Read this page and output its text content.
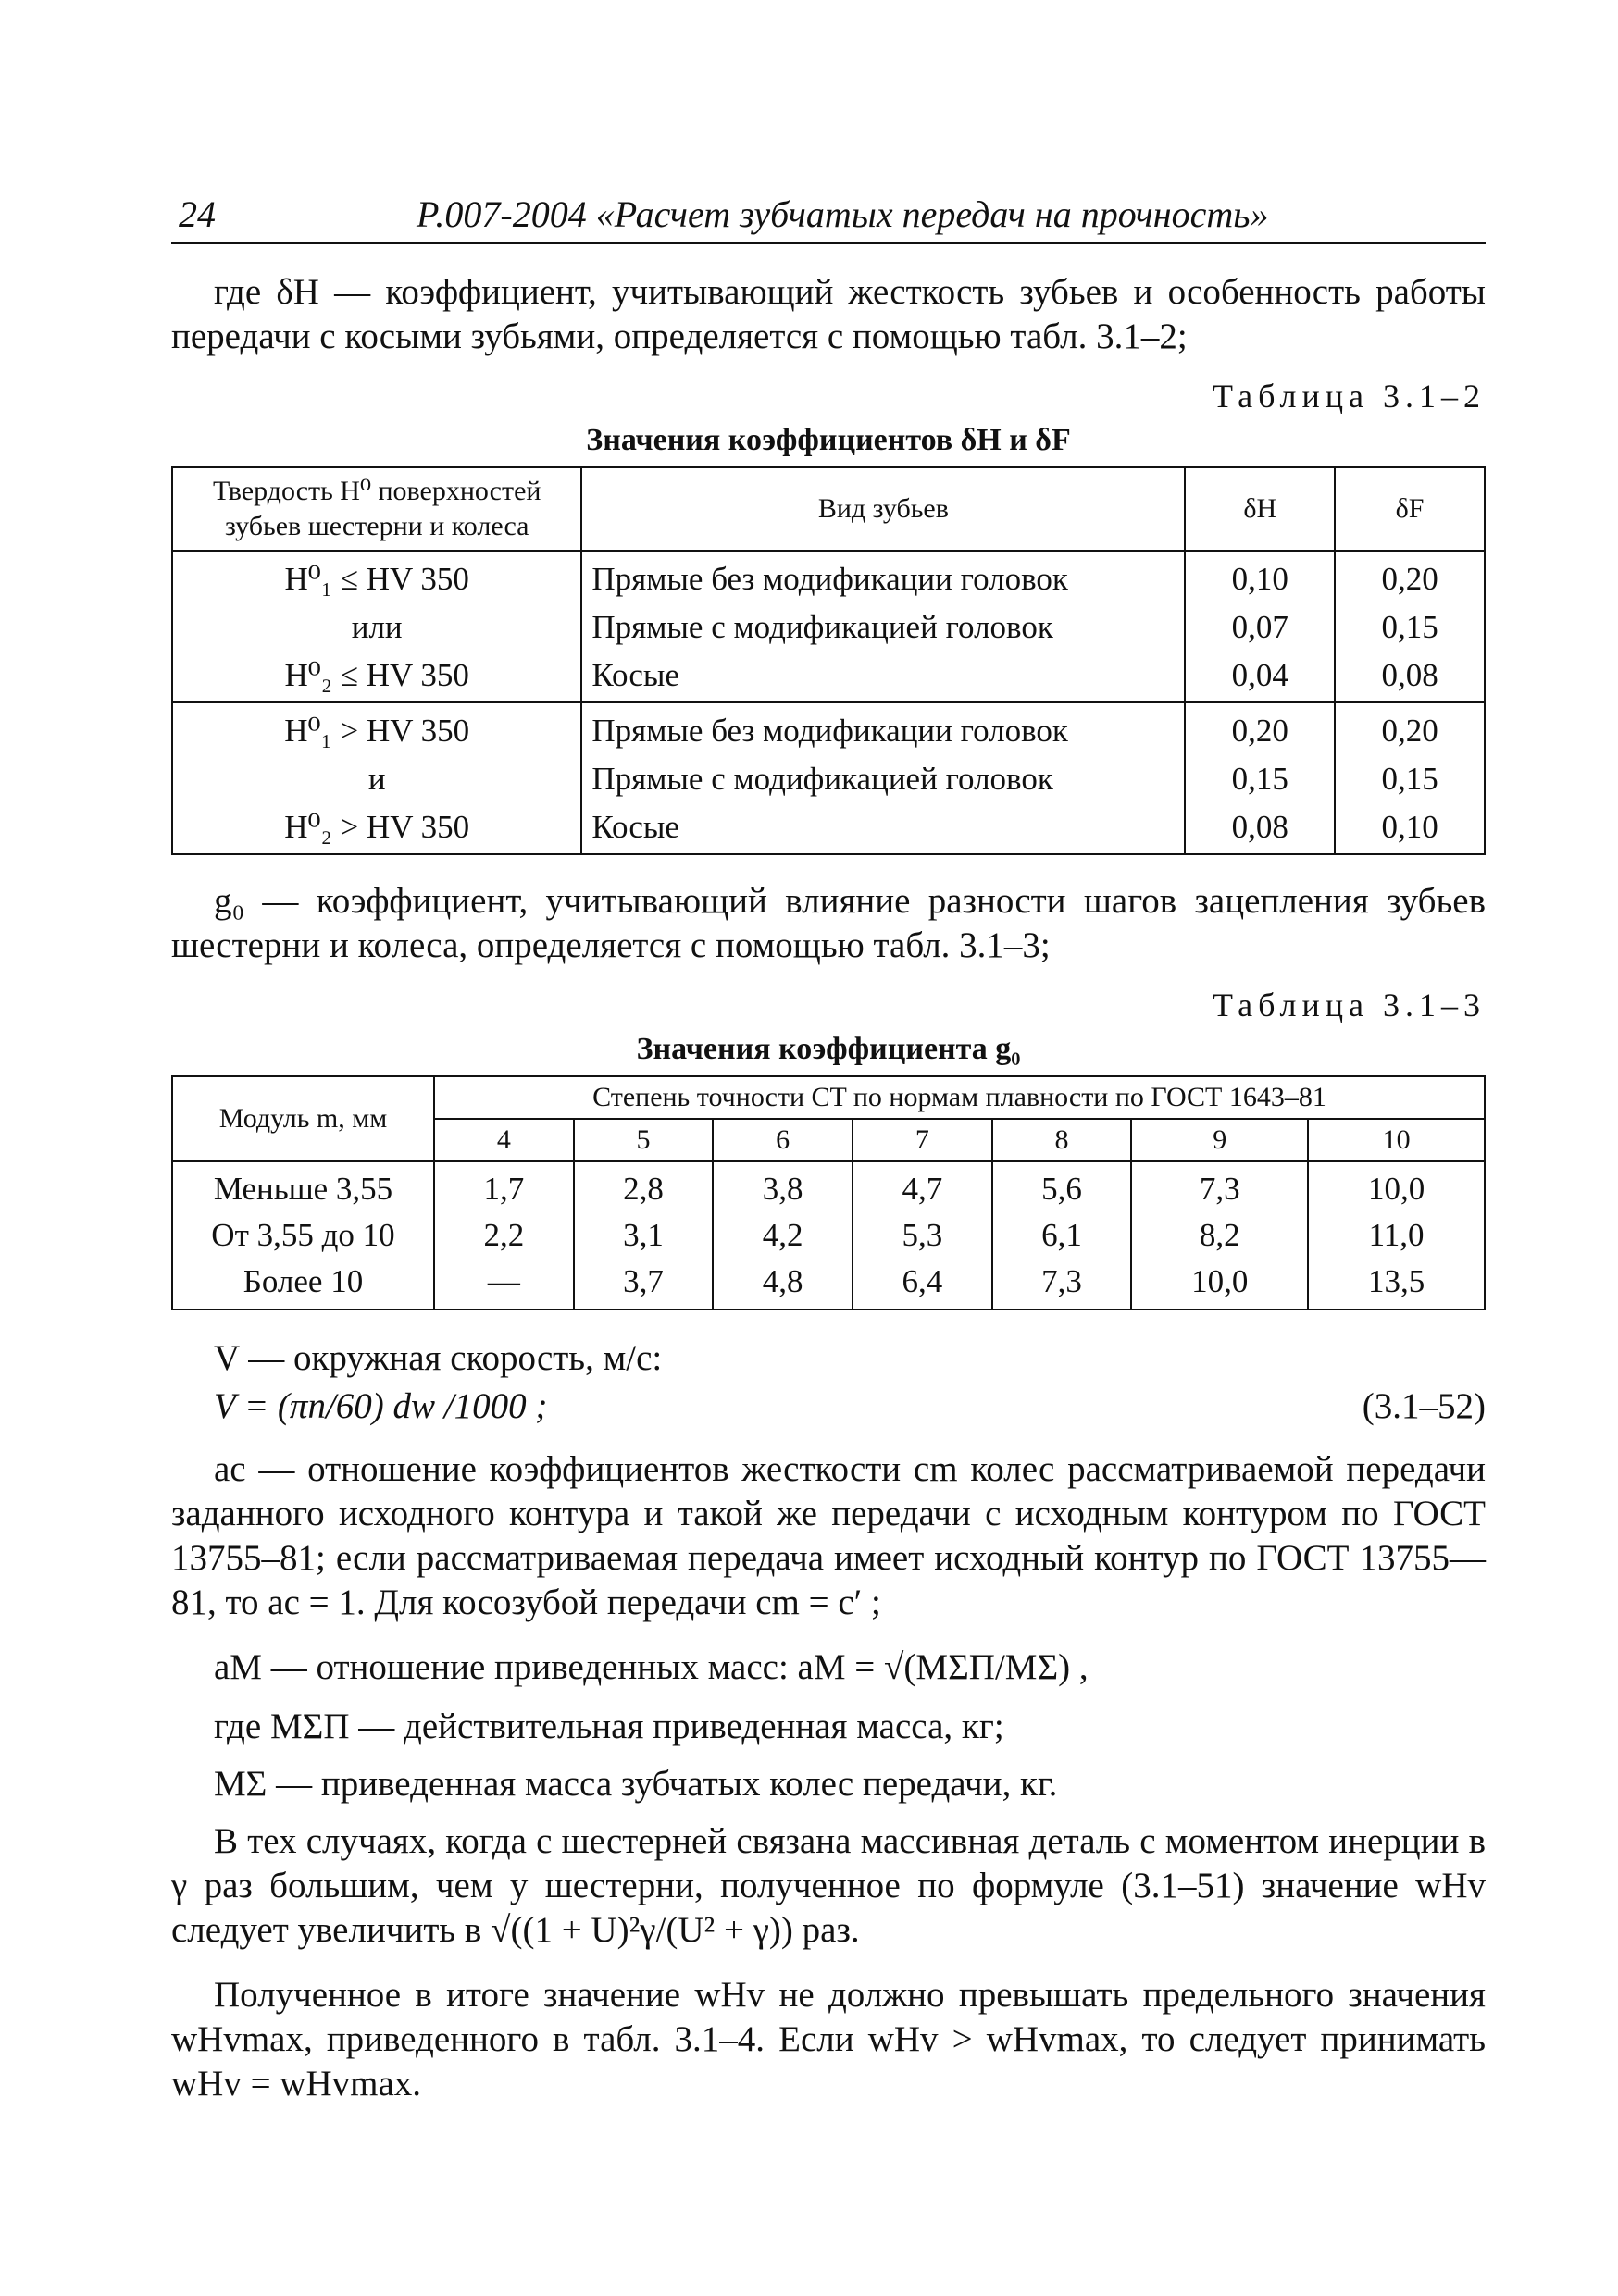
24	Р.007-2004 «Расчет зубчатых передач на прочность»

где δH — коэффициент, учитывающий жесткость зубьев и особенность работы передачи с косыми зубьями, определяется с помощью табл. 3.1–2;

Таблица 3.1–2
Значения коэффициентов δH и δF
Твердость H⁰ поверхностей зубьев шестерни и колеса	Вид зубьев	δH	δF
H⁰₁ ≤ HV 350	Прямые без модификации головок	0,10	0,20
или	Прямые с модификацией головок	0,07	0,15
H⁰₂ ≤ HV 350	Косые	0,04	0,08
H⁰₁ > HV 350	Прямые без модификации головок	0,20	0,20
и	Прямые с модификацией головок	0,15	0,15
H⁰₂ > HV 350	Косые	0,08	0,10

g₀ — коэффициент, учитывающий влияние разности шагов зацепления зубьев шестерни и колеса, определяется с помощью табл. 3.1–3;

Таблица 3.1–3
Значения коэффициента g₀
Модуль m, мм	Степень точности CT по нормам плавности по ГОСТ 1643–81						
	4	5	6	7	8	9	10
Меньше 3,55	1,7	2,8	3,8	4,7	5,6	7,3	10,0
От 3,55 до 10	2,2	3,1	4,2	5,3	6,1	8,2	11,0
Более 10	—	3,7	4,8	6,4	7,3	10,0	13,5

V — окружная скорость, м/с:

V = (πn/60) dw /1000 ;	(3.1–52)

ac — отношение коэффициентов жесткости cm колес рассматриваемой передачи заданного исходного контура и такой же передачи с исходным контуром по ГОСТ 13755–81; если рассматриваемая передача имеет исходный контур по ГОСТ 13755—81, то ac = 1. Для косозубой передачи cm = c′ ;

aM — отношение приведенных масс: aM = √(MΣП/MΣ) ,

где MΣП — действительная приведенная масса, кг;

MΣ — приведенная масса зубчатых колес передачи, кг.

В тех случаях, когда с шестерней связана массивная деталь с моментом инерции в γ раз большим, чем у шестерни, полученное по формуле (3.1–51) значение wHv следует увеличить в √((1 + U)²γ/(U² + γ)) раз.

Полученное в итоге значение wHv не должно превышать предельного значения wHvmax, приведенного в табл. 3.1–4. Если wHv > wHvmax, то следует принимать wHv = wHvmax.
